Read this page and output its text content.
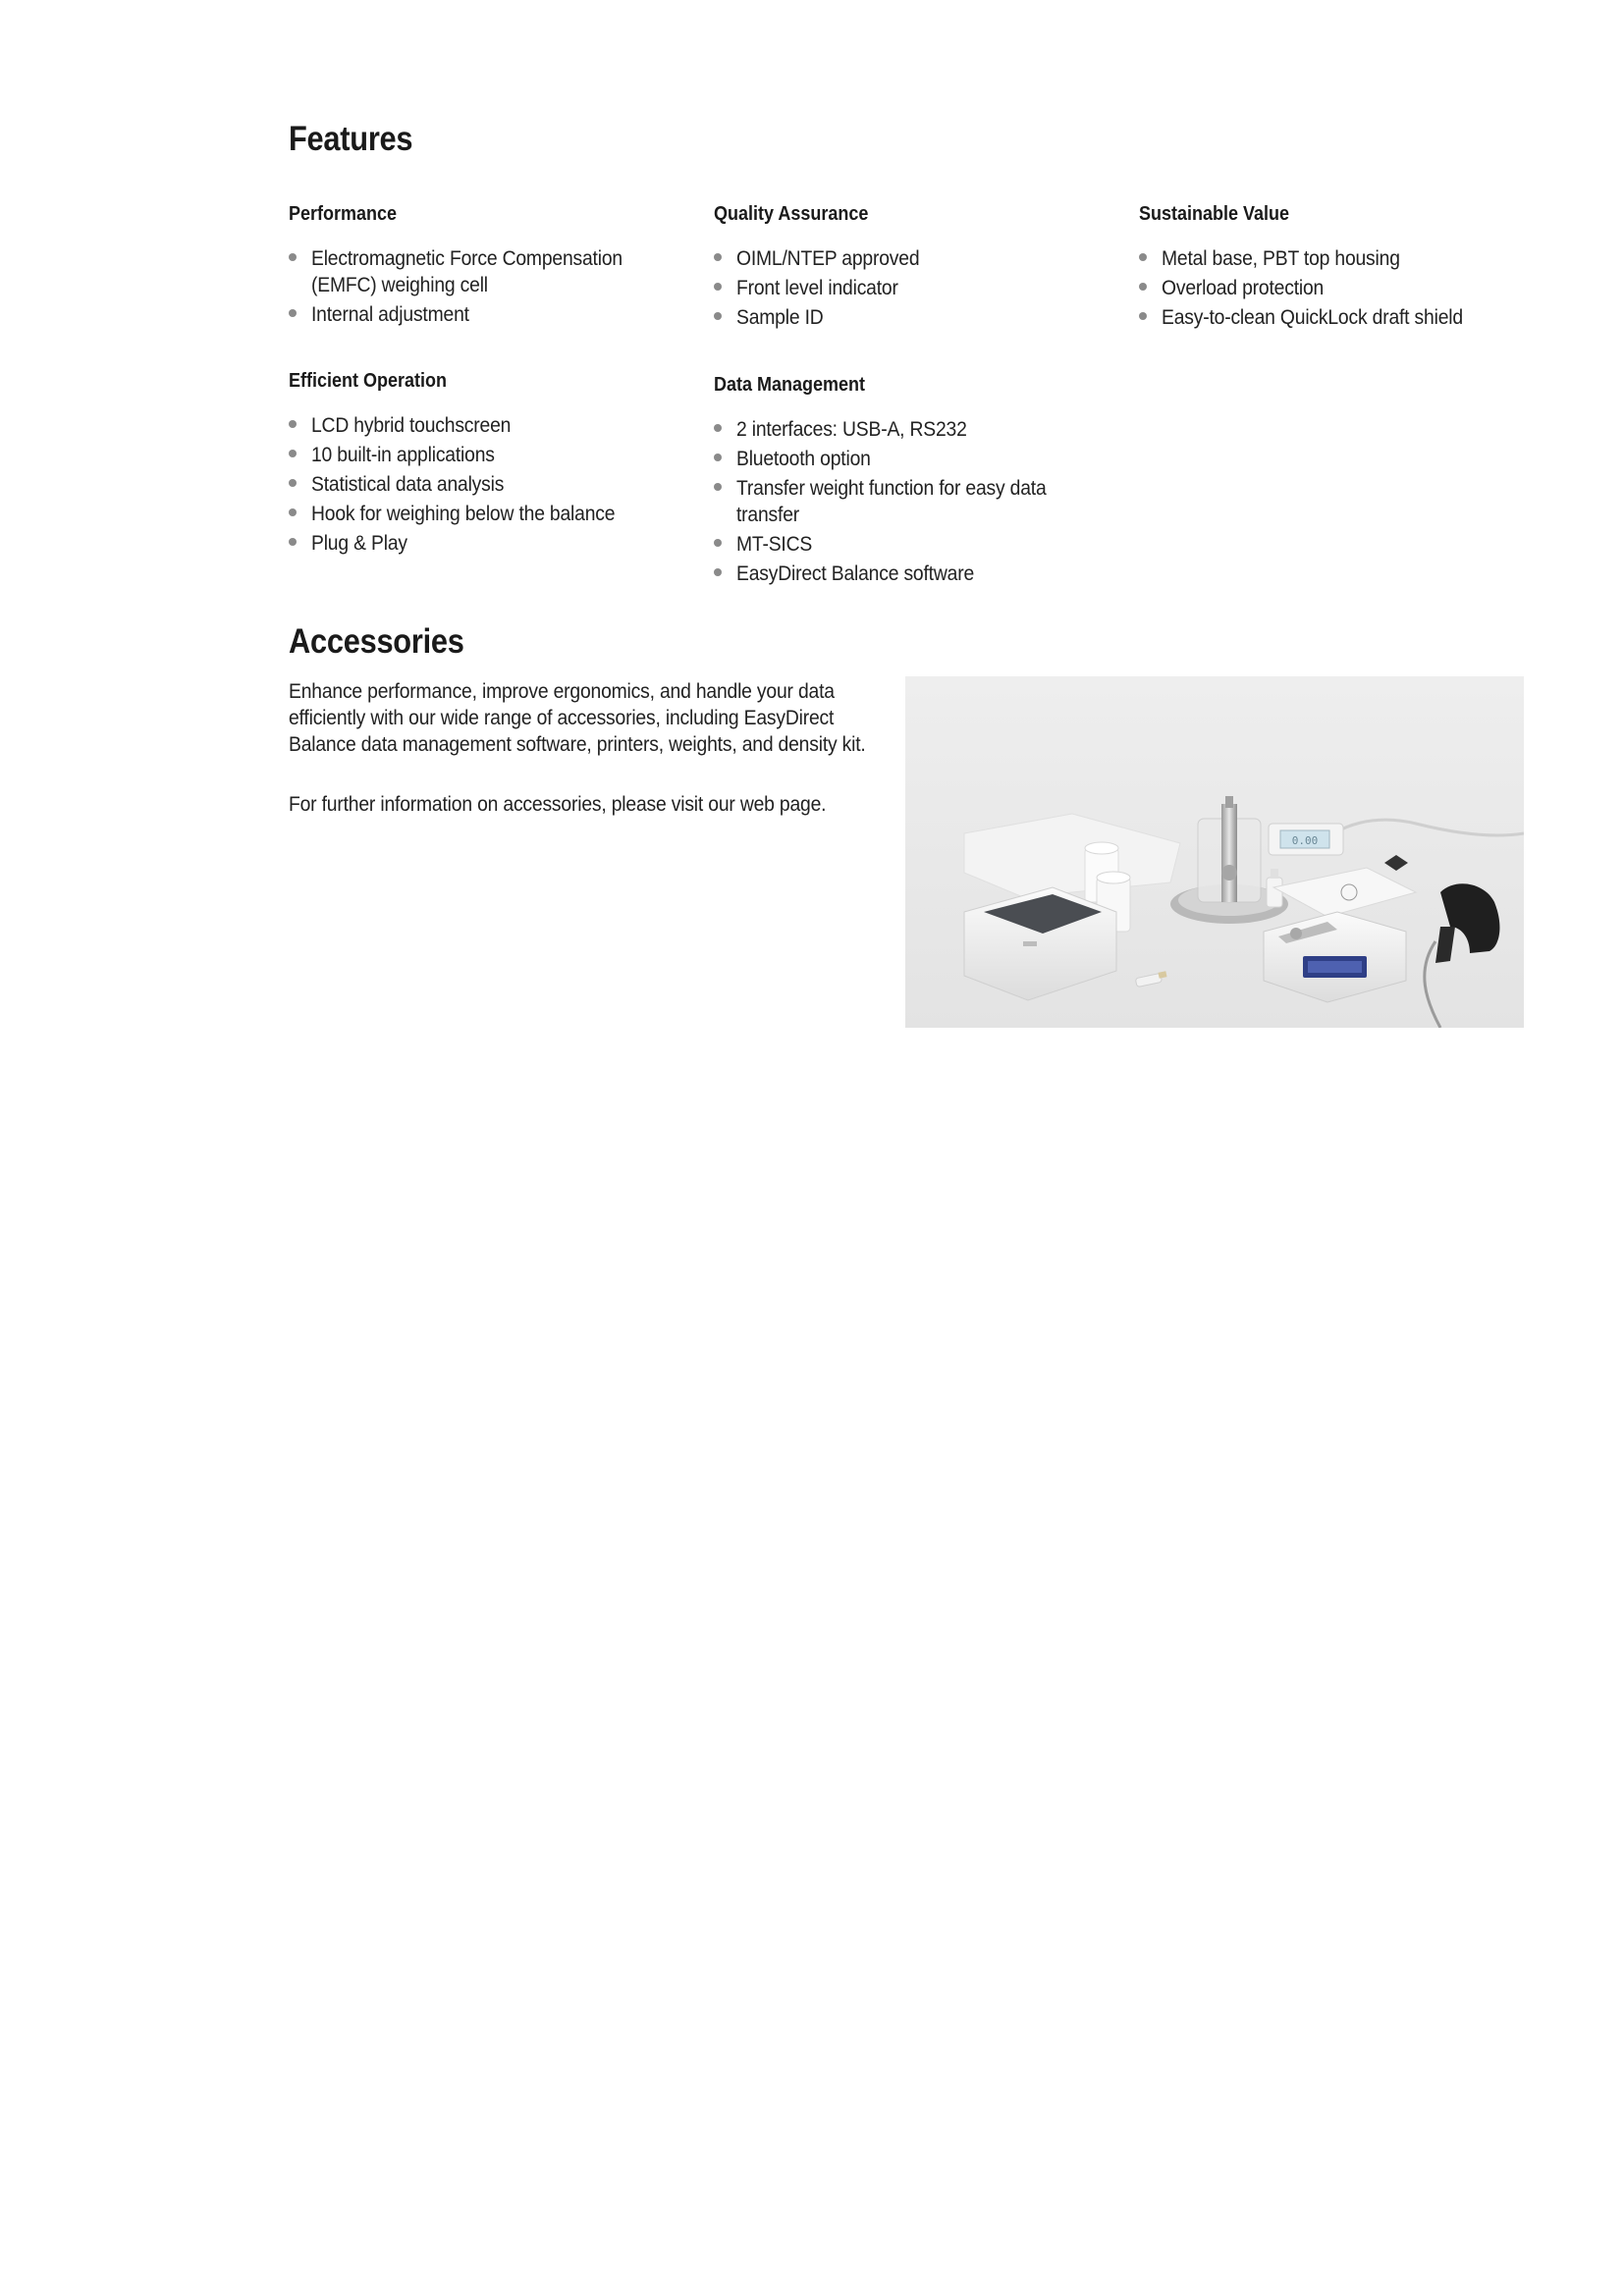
Features
Performance
Electromagnetic Force Compensation (EMFC) weighing cell
Internal adjustment
Quality Assurance
OIML/NTEP approved
Front level indicator
Sample ID
Sustainable Value
Metal base, PBT top housing
Overload protection
Easy-to-clean QuickLock draft shield
Efficient Operation
LCD hybrid touchscreen
10 built-in applications
Statistical data analysis
Hook for weighing below the balance
Plug & Play
Data Management
2 interfaces: USB-A, RS232
Bluetooth option
Transfer weight function for easy data transfer
MT-SICS
EasyDirect Balance software
Accessories

Enhance performance, improve ergonomics, and handle your data efficiently with our wide range of accessories, including EasyDirect Balance data management software, printers, weights, and density kit.

For further information on accessories, please visit our web page.

0.00
